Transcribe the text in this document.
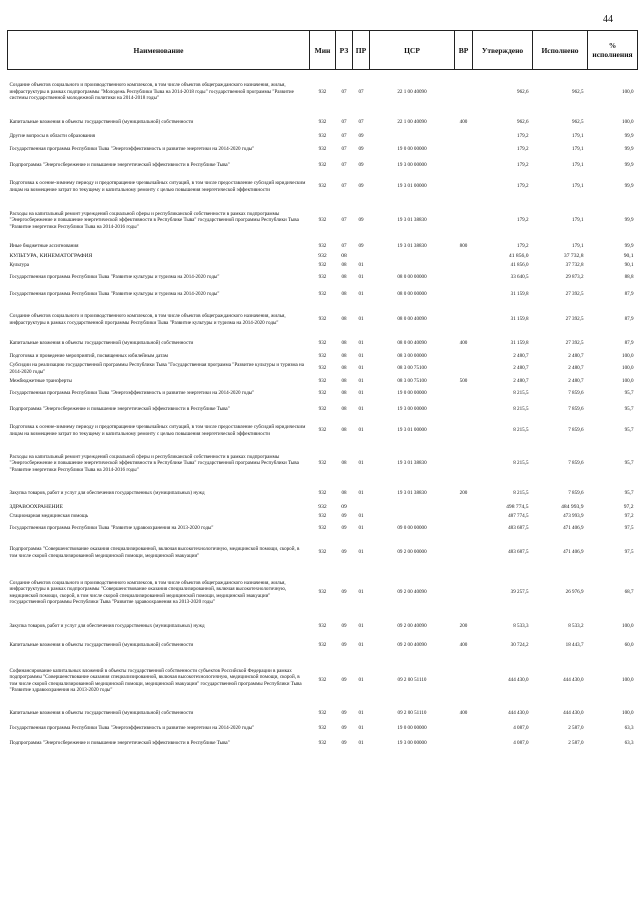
44
Наименование	Мин	РЗ	ПР	ЦСР	ВР	Утверждено	Исполнено	% исполнения
Создание объектов социального и производственного комплексов, в том числе объектов общегражданского назначения, жилья, инфраструктуры в рамках подпрограммы "Молодежь Республики Тыва на 2014-2018 годы" государственной программы "Развитие системы государственной молодежной политики на 2014-2018 годы"	932	07	07	22 1 00 40090		962,6	962,5	100,0
Капитальные вложения в объекты государственной (муниципальной) собственности	932	07	07	22 1 00 40090	400	962,6	962,5	100,0
Другие вопросы в области образования	932	07	09			179,2	179,1	99,9
Государственная программа Республики Тыва "Энергоэффективность и развитие энергетики на 2014-2020 годы"	932	07	09	19 0 00 00000		179,2	179,1	99,9
Подпрограмма "Энергосбережение и повышение энергетической эффективности в Республике Тыва"	932	07	09	19 3 00 00000		179,2	179,1	99,9
Подготовка к осенне-зимнему периоду и предотвращение чрезвычайных ситуаций, в том числе предоставление субсидий юридическим лицам на возмещение затрат по текущему и капитальному ремонту с целью повышения энергетической эффективности	932	07	09	19 3 01 00000		179,2	179,1	99,9
Расходы на капитальный ремонт учреждений социальной сферы и республиканской собственности в рамках подпрограммы "Энергосбережение и повышение энергетической эффективности в Республике Тыва" государственной программы Республики Тыва "Развитие энергетики Республики Тыва на 2014-2016 годы"	932	07	09	19 3 01 38830		179,2	179,1	99,9
Иные бюджетные ассигнования	932	07	09	19 3 01 38830	800	179,2	179,1	99,9
КУЛЬТУРА, КИНЕМАТОГРАФИЯ	932	08				41 856,0	37 732,8	90,1
Культура	932	08	01			41 856,0	37 732,8	90,1
Государственная программа Республики Тыва "Развитие культуры и туризма на 2014-2020 годы"	932	08	01	08 0 00 00000		33 640,5	29 873,2	88,8
Государственная программа Республики Тыва "Развитие культуры и туризма на 2014-2020 годы"	932	08	01	08 0 00 00000		31 159,8	27 392,5	87,9
Создание объектов социального и производственного комплексов, в том числе объектов общегражданского назначения, жилья, инфраструктуры в рамках государственной программы Республики Тыва "Развитие культуры и туризма на 2014-2020 годы"	932	08	01	08 0 00 40090		31 159,8	27 392,5	87,9
Капитальные вложения в объекты государственной (муниципальной) собственности	932	08	01	08 0 00 40090	400	31 159,8	27 392,5	87,9
Подготовка и проведение мероприятий, посвященных юбилейным датам	932	08	01	08 3 00 00000		2 480,7	2 480,7	100,0
Субсидии на реализацию государственной программы Республики Тыва "Государственная программа "Развитие культуры и туризма на 2014-2020 годы"	932	08	01	08 3 00 75100		2 480,7	2 480,7	100,0
Межбюджетные трансферты	932	08	01	08 3 00 75100	500	2 480,7	2 480,7	100,0
Государственная программа Республики Тыва "Энергоэффективность и развитие энергетики на 2014-2020 годы"	932	08	01	19 0 00 00000		8 215,5	7 859,6	95,7
Подпрограмма "Энергосбережение и повышение энергетической эффективности в Республике Тыва"	932	08	01	19 3 00 00000		8 215,5	7 859,6	95,7
Подготовка к осенне-зимнему периоду и предотвращение чрезвычайных ситуаций, в том числе предоставление субсидий юридическим лицам на возмещение затрат по текущему и капитальному ремонту с целью повышения энергетической эффективности	932	08	01	19 3 01 00000		8 215,5	7 859,6	95,7
Расходы на капитальный ремонт учреждений социальной сферы и республиканской собственности в рамках подпрограммы "Энергосбережение и повышение энергетической эффективности в Республике Тыва" государственной программы Республики Тыва "Развитие энергетики Республики Тыва на 2014-2016 годы"	932	08	01	19 3 01 38830		8 215,5	7 859,6	95,7
Закупка товаров, работ и услуг для обеспечения государственных (муниципальных) нужд	932	08	01	19 3 01 38830	200	8 215,5	7 859,6	95,7
ЗДРАВООХРАНЕНИЕ	932	09				498 774,5	484 993,9	97,2
Стационарная медицинская помощь	932	09	01			487 774,5	473 993,9	97,2
Государственная программа Республики Тыва "Развитие здравоохранения на 2013-2020 годы"	932	09	01	09 0 00 00000		483 687,5	471 406,9	97,5
Подпрограмма "Совершенствование оказания специализированной, включая высокотехнологичную, медицинской помощи, скорой, в том числе скорой специализированной медицинской помощи, медицинской эвакуации"	932	09	01	09 2 00 00000		483 687,5	471 406,9	97,5
Создание объектов социального и производственного комплексов, в том числе объектов общегражданского назначения, жилья, инфраструктуры в рамках подпрограммы "Совершенствование оказания специализированной, включая высокотехнологичную, медицинской помощи, скорой, в том числе скорой специализированной медицинской помощи, медицинской эвакуации" государственной программы Республики Тыва "Развитие здравоохранения на 2013-2020 годы"	932	09	01	09 2 00 40090		39 257,5	26 976,9	68,7
Закупка товаров, работ и услуг для обеспечения государственных (муниципальных) нужд	932	09	01	09 2 00 40090	200	8 533,3	8 533,2	100,0
Капитальные вложения в объекты государственной (муниципальной) собственности	932	09	01	09 2 00 40090	400	30 724,2	18 443,7	60,0
Софинансирование капитальных вложений в объекты государственной собственности субъектов Российской Федерации в рамках подпрограммы "Совершенствование оказания специализированной, включая высокотехнологичную, медицинской помощи, скорой, в том числе скорой специализированной медицинской помощи, медицинской эвакуации" государственной программы Республики Тыва "Развитие здравоохранения на 2013-2020 годы"	932	09	01	09 2 00 51110		444 430,0	444 430,0	100,0
Капитальные вложения в объекты государственной (муниципальной) собственности	932	09	01	09 2 00 51110	400	444 430,0	444 430,0	100,0
Государственная программа Республики Тыва "Энергоэффективность и развитие энергетики на 2014-2020 годы"	932	09	01	19 0 00 00000		4 087,0	2 587,0	63,3
Подпрограмма "Энергосбережение и повышение энергетической эффективности в Республике Тыва"	932	09	01	19 3 00 00000		4 087,0	2 587,0	63,3
